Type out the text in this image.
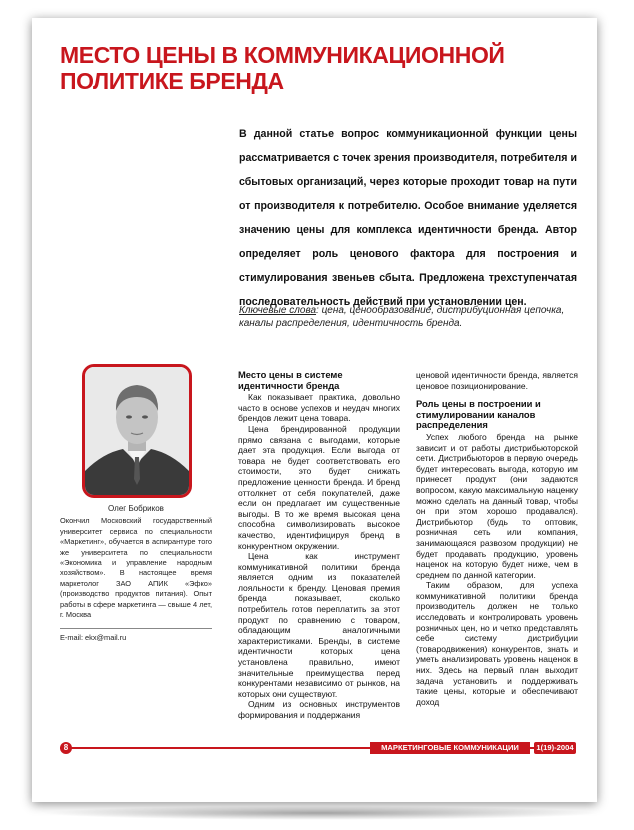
МЕСТО ЦЕНЫ В КОММУНИКАЦИОННОЙ
ПОЛИТИКЕ БРЕНДА

В данной статье вопрос коммуникационной функции цены рассматривается с точек зрения производителя, потребителя и сбытовых организаций, через которые проходит товар на пути от производителя к потребителю. Особое внимание уделяется значению цены для комплекса идентичности бренда. Автор определяет роль ценового фактора для построения и стимулирования звеньев сбыта. Предложена трехступенчатая последовательность действий при установлении цен.

Ключевые слова: цена, ценообразование, дистрибуционная цепочка, каналы распределения, идентичность бренда.

Олег Бобриков

Окончил Московский государственный университет сервиса по специальности «Маркетинг», обучается в аспирантуре того же университета по специальности «Экономика и управление народным хозяйством». В настоящее время маркетолог ЗАО АПИК «Эфко» (производство продуктов питания). Опыт работы в сфере маркетинга — свыше 4 лет, г. Москва

E-mail: ekx@mail.ru
Место цены в системе идентичности бренда

Как показывает практика, довольно часто в основе успехов и неудач многих брендов лежит цена товара.

Цена брендированной продукции прямо связана с выгодами, которые дает эта продукция. Если выгода от товара не будет соответствовать его стоимости, это будет снижать предложение ценности бренда. И бренд оттолкнет от себя покупателей, даже если он предлагает им существенные выгоды. В то же время высокая цена способна символизировать высокое качество, идентифицируя бренд в конкурентном окружении.

Цена как инструмент коммуникативной политики бренда является одним из показателей лояльности к бренду. Ценовая премия бренда показывает, сколько потребитель готов переплатить за этот продукт по сравнению с товаром, обладающим аналогичными характеристиками. Бренды, в системе идентичности которых цена установлена правильно, имеют значительные преимущества перед конкурентами независимо от рынков, на которых они существуют.

Одним из основных инструментов формирования и поддержания

ценовой идентичности бренда, является ценовое позиционирование.

Роль цены в построении и стимулировании каналов распределения

Успех любого бренда на рынке зависит и от работы дистрибьюторской сети. Дистрибьюторов в первую очередь будет интересовать выгода, которую им принесет продукт (они задаются вопросом, какую максимальную наценку можно сделать на данный товар, чтобы он при этом хорошо продавался). Дистрибьютор (будь то оптовик, розничная сеть или компания, занимающаяся развозом продукции) не будет продавать продукцию, уровень наценок на которую будет ниже, чем в среднем по данной категории.

Таким образом, для успеха коммуникативной политики бренда производитель должен не только исследовать и контролировать уровень розничных цен, но и четко представлять себе систему дистрибуции (товародвижения) конкурентов, знать и уметь анализировать уровень наценок в них. Здесь на первый план выходит задача установить и поддерживать такие цены, которые и обеспечивают доход

8	МАРКЕТИНГОВЫЕ КОММУНИКАЦИИ	1(19)-2004
